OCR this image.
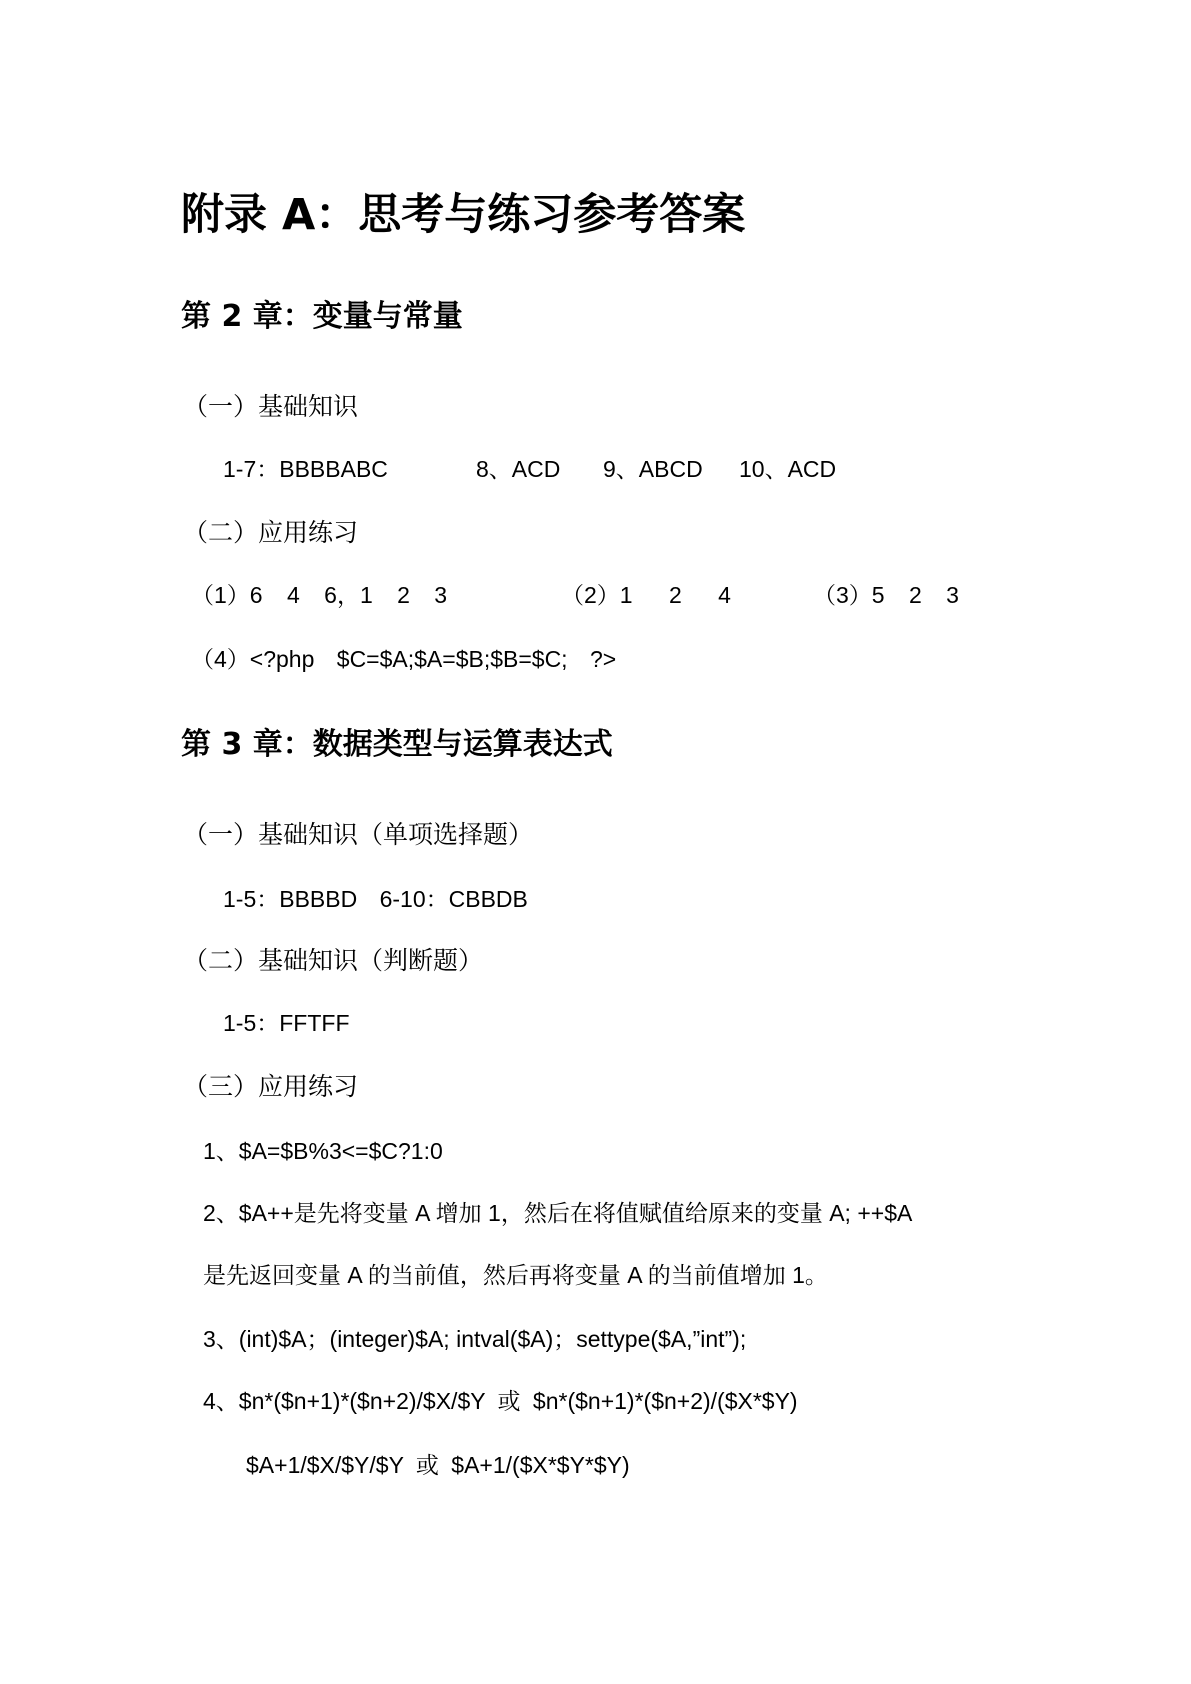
附录 A：思考与练习参考答案
第 2 章：变量与常量
（一）基础知识
1-7：BBBBABC	8、ACD 9、ABCD 10、ACD
（二）应用练习
（1）6 4 6，1 2 3	（2）1 2 4	（3）5 2 3
（4）<?php $C=$A;$A=$B;$B=$C; ?>
第 3 章：数据类型与运算表达式
（一）基础知识（单项选择题）
1-5：BBBBD 6-10：CBBDB
（二）基础知识（判断题）
1-5：FFTFF
（三）应用练习
1、$A=$B%3<=$C?1:0
2、$A++是先将变量 A 增加 1，然后在将值赋值给原来的变量 A; ++$A
是先返回变量 A 的当前值，然后再将变量 A 的当前值增加 1。
3、(int)$A；(integer)$A; intval($A)；settype($A,”int”);
4、$n*($n+1)*($n+2)/$X/$Y 或 $n*($n+1)*($n+2)/($X*$Y)
$A+1/$X/$Y/$Y 或 $A+1/($X*$Y*$Y)
